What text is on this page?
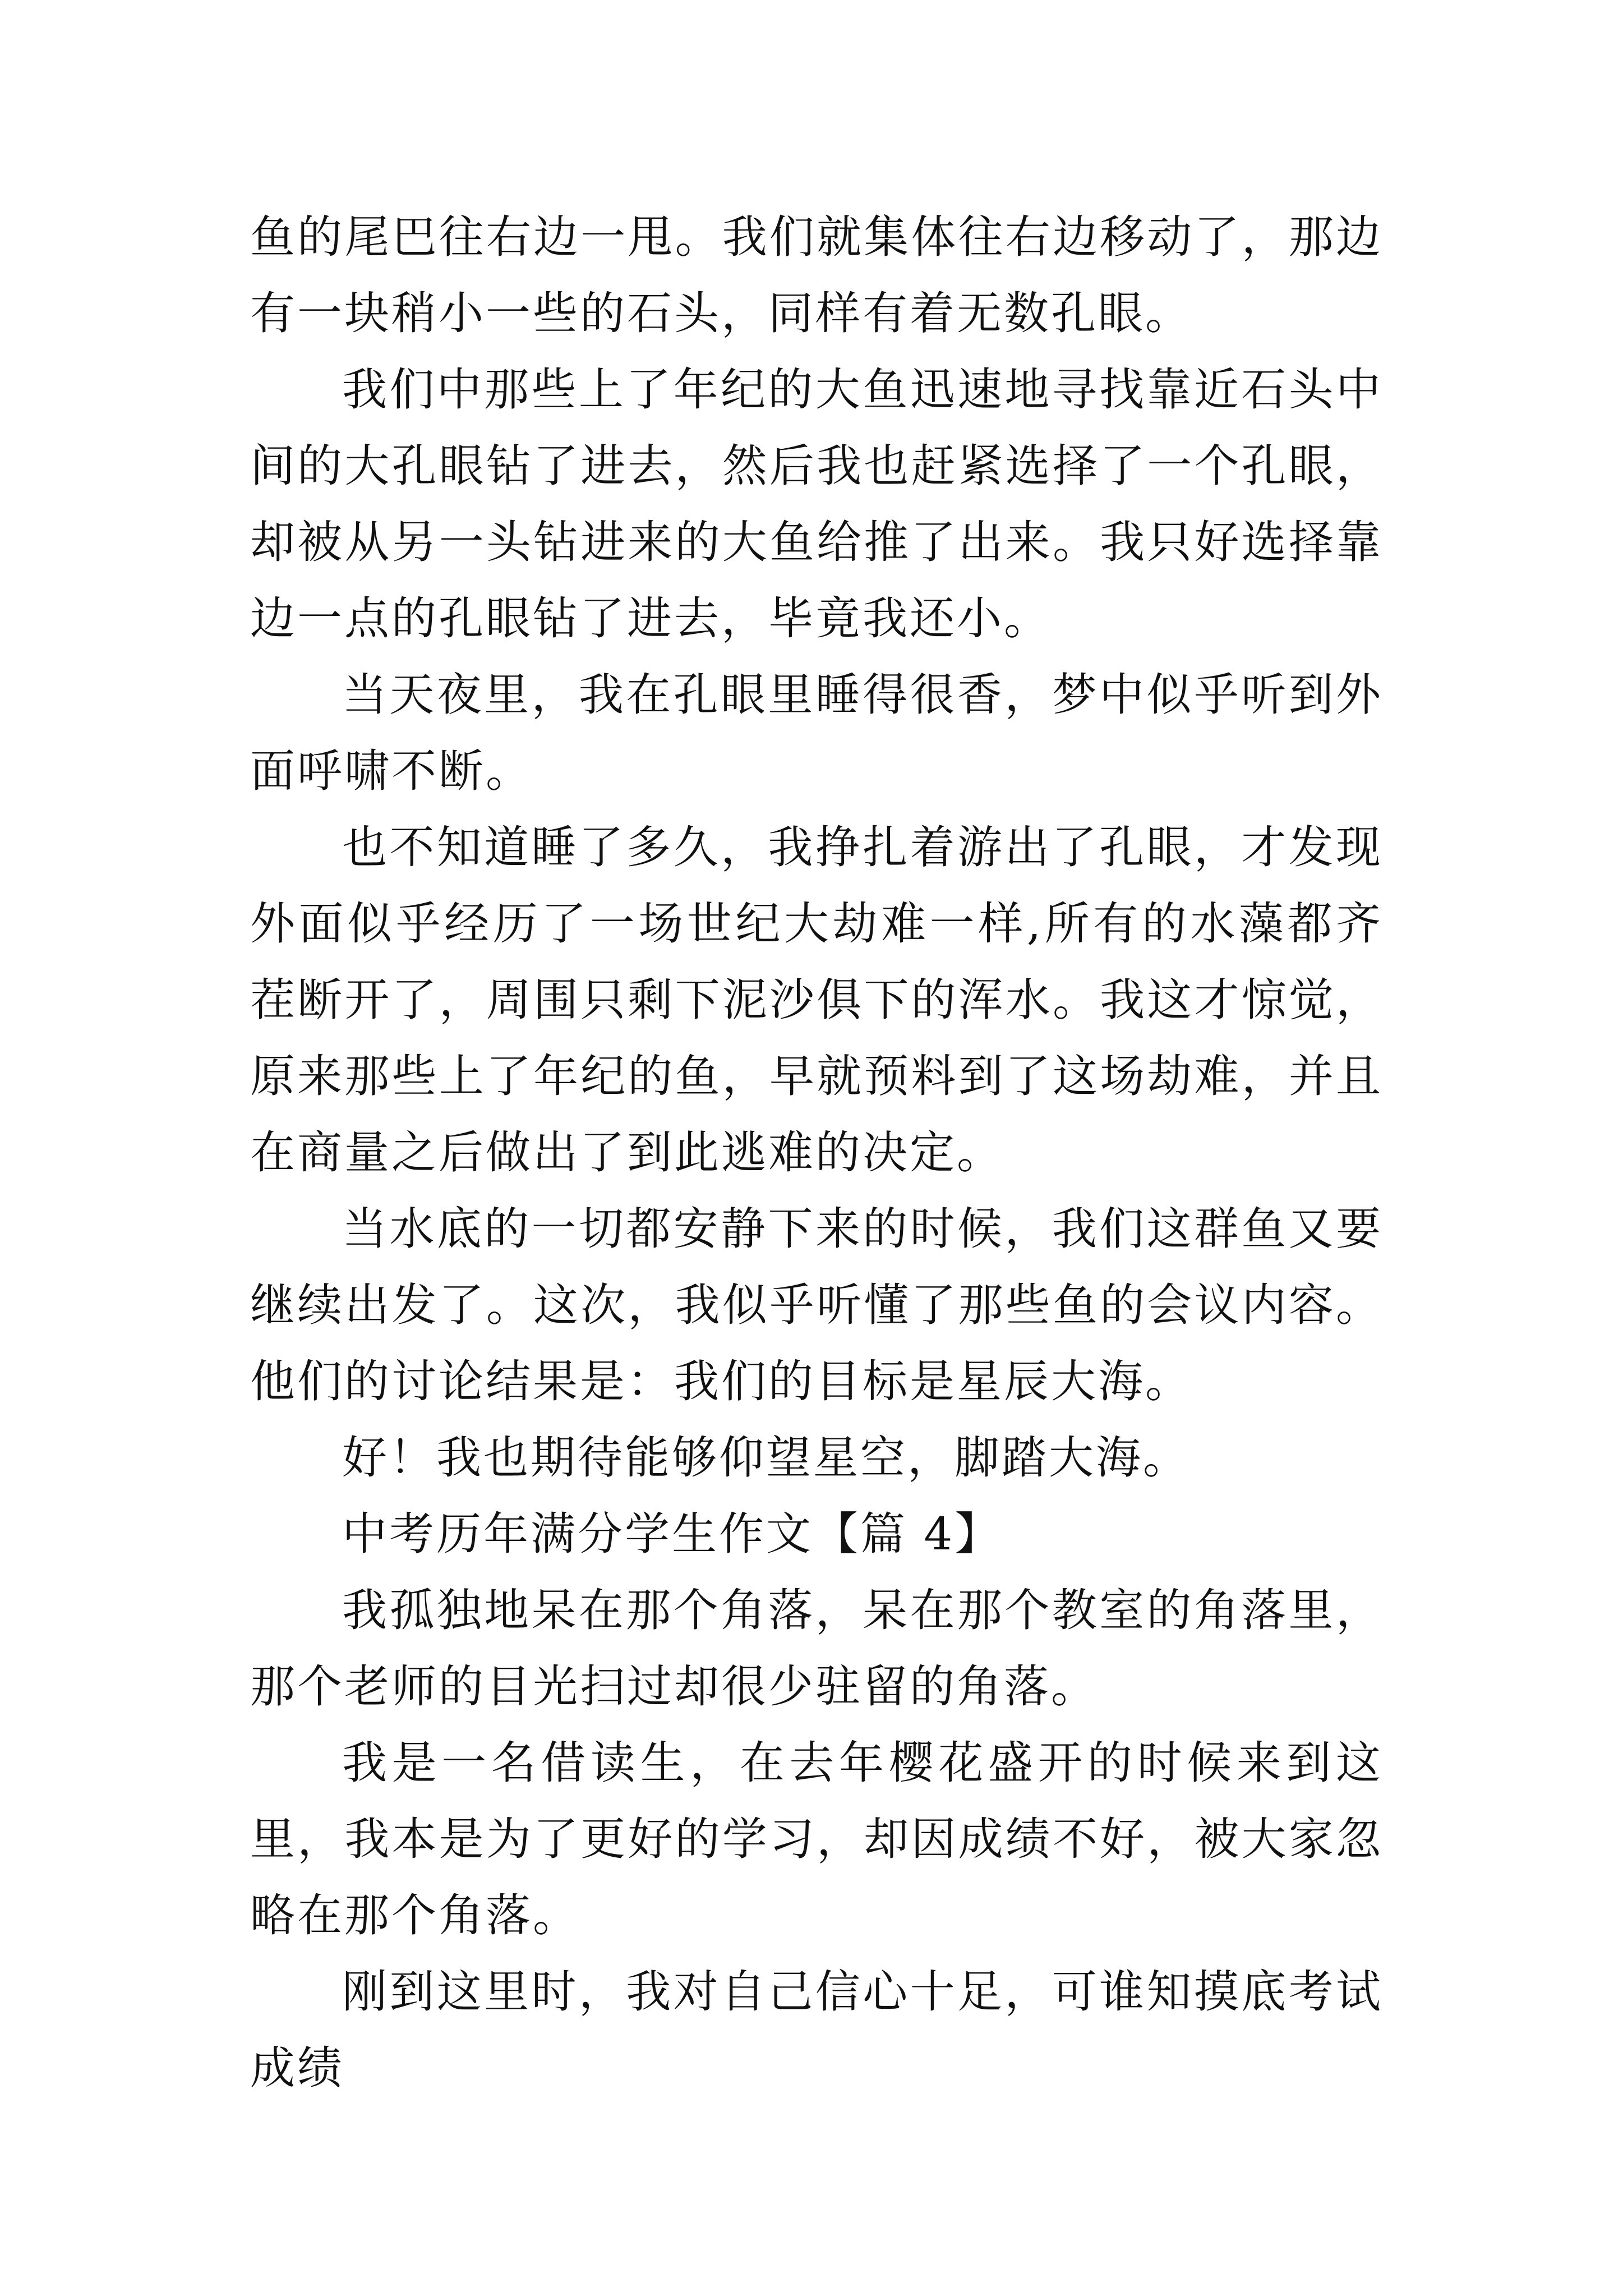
鱼的尾巴往右边一甩。我们就集体往右边移动了，那边有一块稍小一些的石头，同样有着无数孔眼。

我们中那些上了年纪的大鱼迅速地寻找靠近石头中间的大孔眼钻了进去，然后我也赶紧选择了一个孔眼，却被从另一头钻进来的大鱼给推了出来。我只好选择靠边一点的孔眼钻了进去，毕竟我还小。

当天夜里，我在孔眼里睡得很香，梦中似乎听到外面呼啸不断。

也不知道睡了多久，我挣扎着游出了孔眼，才发现外面似乎经历了一场世纪大劫难一样,所有的水藻都齐茬断开了，周围只剩下泥沙俱下的浑水。我这才惊觉，原来那些上了年纪的鱼，早就预料到了这场劫难，并且在商量之后做出了到此逃难的决定。

当水底的一切都安静下来的时候，我们这群鱼又要继续出发了。这次，我似乎听懂了那些鱼的会议内容。他们的讨论结果是：我们的目标是星辰大海。

好！我也期待能够仰望星空，脚踏大海。

中考历年满分学生作文【篇 4】

我孤独地呆在那个角落，呆在那个教室的角落里，那个老师的目光扫过却很少驻留的角落。

我是一名借读生，在去年樱花盛开的时候来到这里，我本是为了更好的学习，却因成绩不好，被大家忽略在那个角落。

刚到这里时，我对自己信心十足，可谁知摸底考试成绩
